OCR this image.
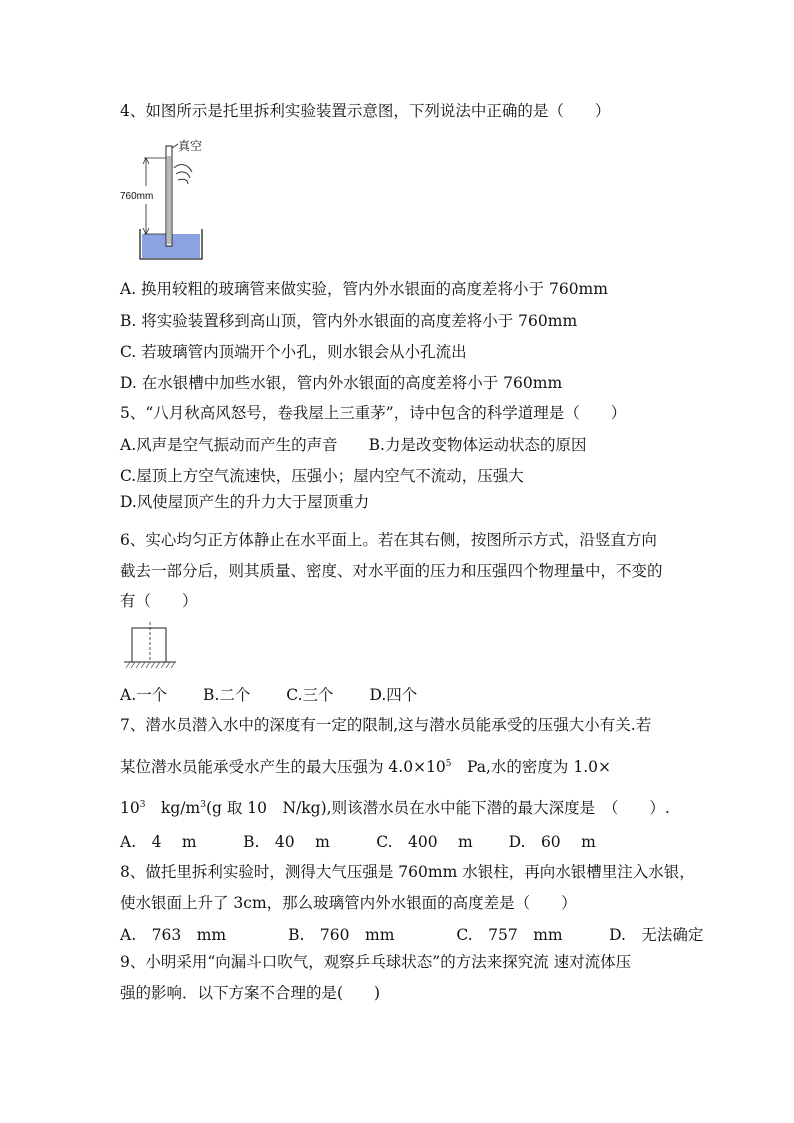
4、如图所示是托里拆利实验装置示意图，下列说法中正确的是（　　）
真空
760mm
A. 换用较粗的玻璃管来做实验，管内外水银面的高度差将小于 760mm
B. 将实验装置移到高山顶，管内外水银面的高度差将小于 760mm
C. 若玻璃管内顶端开个小孔，则水银会从小孔流出
D. 在水银槽中加些水银，管内外水银面的高度差将小于 760mm
5、“八月秋高风怒号，卷我屋上三重茅”，诗中包含的科学道理是（　　）
A.风声是空气振动而产生的声音　　B.力是改变物体运动状态的原因
C.屋顶上方空气流速快，压强小；屋内空气不流动，压强大
D.风使屋顶产生的升力大于屋顶重力
6、实心均匀正方体静止在水平面上。若在其右侧，按图所示方式，沿竖直方向
截去一部分后，则其质量、密度、对水平面的压力和压强四个物理量中，不变的
有（　　）
A.一个　　 B.二个　　 C.三个　　 D.四个
7、潜水员潜入水中的深度有一定的限制,这与潜水员能承受的压强大小有关.若
某位潜水员能承受水产生的最大压强为 $4.0\times 10^5$　Pa,水的密度为 1.0×
$10^3$　$kg/m^3(g$ 取 10　N/kg),则该潜水员在水中能下潜的最大深度是　（　　）.
A.　4　 m　　　B.　40　 m　　　C.　400　 m　　 D.　60　 m
8、做托里拆利实验时，测得大气压强是 760mm 水银柱，再向水银槽里注入水银，
使水银面上升了 3cm，那么玻璃管内外水银面的高度差是（　　）
A.　763　mm　　　　B.　760　mm　　　　C.　757　mm　　　D.　无法确定
9、小明采用“向漏斗口吹气，观察乒乓球状态”的方法来探究流 速对流体压
强的影响．以下方案不合理的是(　　)
